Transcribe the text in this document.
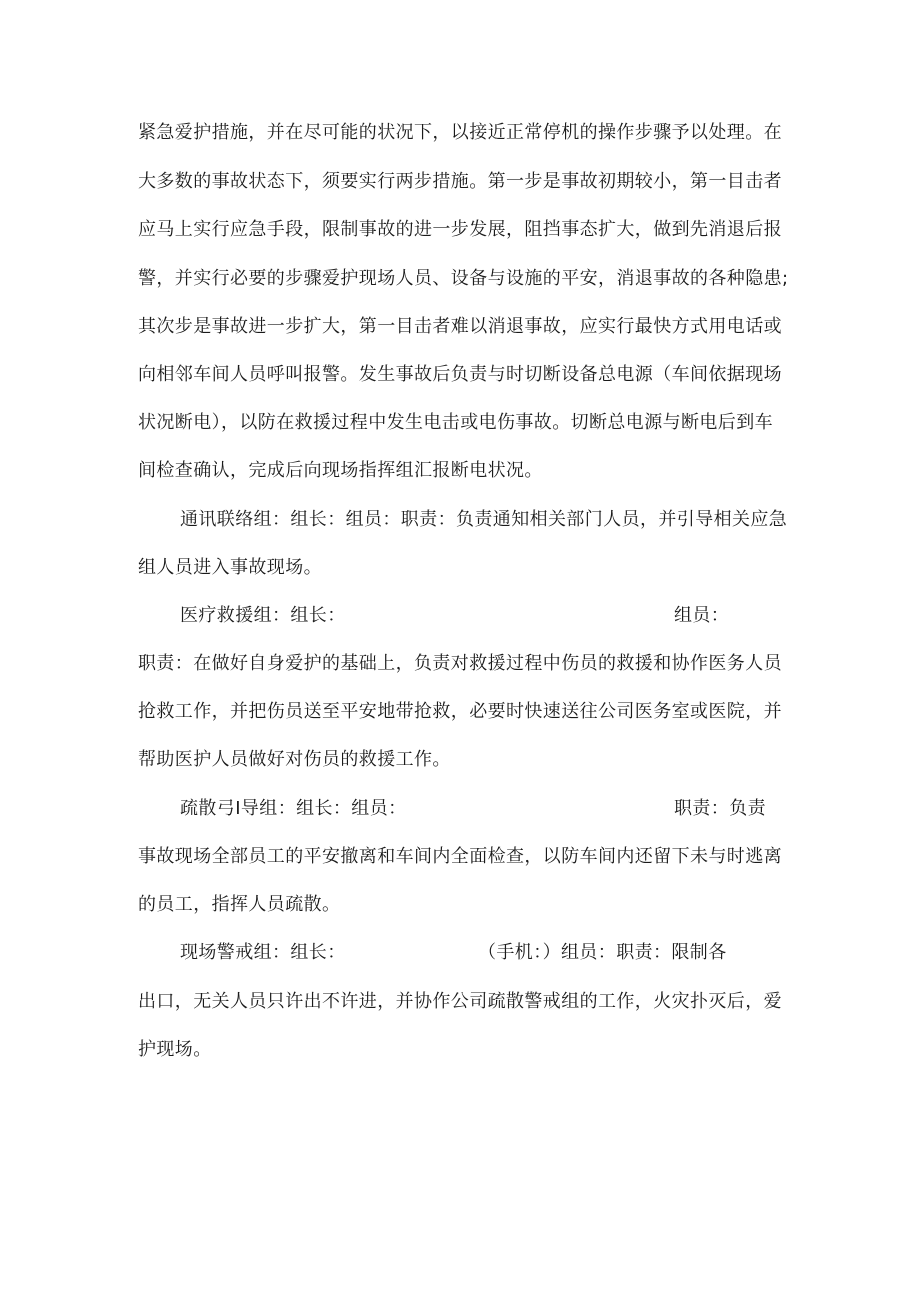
紧急爱护措施，并在尽可能的状况下，以接近正常停机的操作步骤予以处理。在
大多数的事故状态下，须要实行两步措施。第一步是事故初期较小，第一目击者
应马上实行应急手段，限制事故的进一步发展，阻挡事态扩大，做到先消退后报
警，并实行必要的步骤爱护现场人员、设备与设施的平安，消退事故的各种隐患;
其次步是事故进一步扩大，第一目击者难以消退事故，应实行最快方式用电话或
向相邻车间人员呼叫报警。发生事故后负责与时切断设备总电源（车间依据现场
状况断电），以防在救援过程中发生电击或电伤事故。切断总电源与断电后到车
间检查确认，完成后向现场指挥组汇报断电状况。
通讯联络组：组长：组员：职责：负责通知相关部门人员，并引导相关应急
组人员进入事故现场。
医疗救援组：组长：	组员：
职责：在做好自身爱护的基础上，负责对救援过程中伤员的救援和协作医务人员
抢救工作，并把伤员送至平安地带抢救，必要时快速送往公司医务室或医院，并
帮助医护人员做好对伤员的救援工作。
疏散弓I导组：组长：组员：	职责：负责
事故现场全部员工的平安撤离和车间内全面检查，以防车间内还留下未与时逃离
的员工，指挥人员疏散。
现场警戒组：组长：	（手机：）组员：职责：限制各
出口，无关人员只许出不许进，并协作公司疏散警戒组的工作，火灾扑灭后，爱
护现场。
